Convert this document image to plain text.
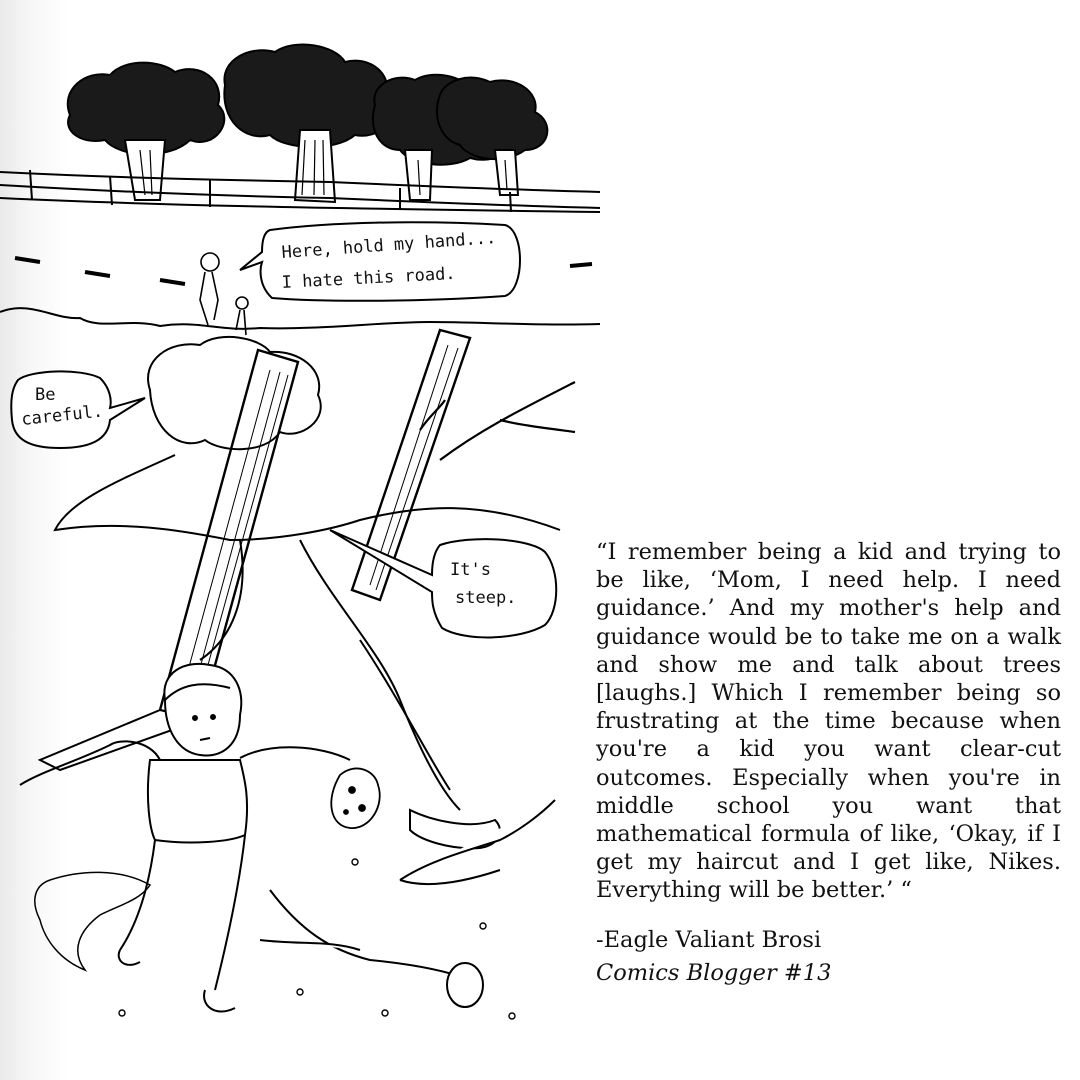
Here, hold my hand...
I hate this road.
Be
careful.
It's
steep.

“I remember being a kid and trying to be like, ‘Mom, I need help. I need guidance.’ And my mother's help and guidance would be to take me on a walk and show me and talk about trees [laughs.] Which I remember being so frustrating at the time because when you're a kid you want clear-cut outcomes. Especially when you're in middle school you want that mathematical formula of like, ‘Okay, if I get my haircut and I get like, Nikes. Everything will be better.’ “

-Eagle Valiant Brosi

Comics Blogger #13
